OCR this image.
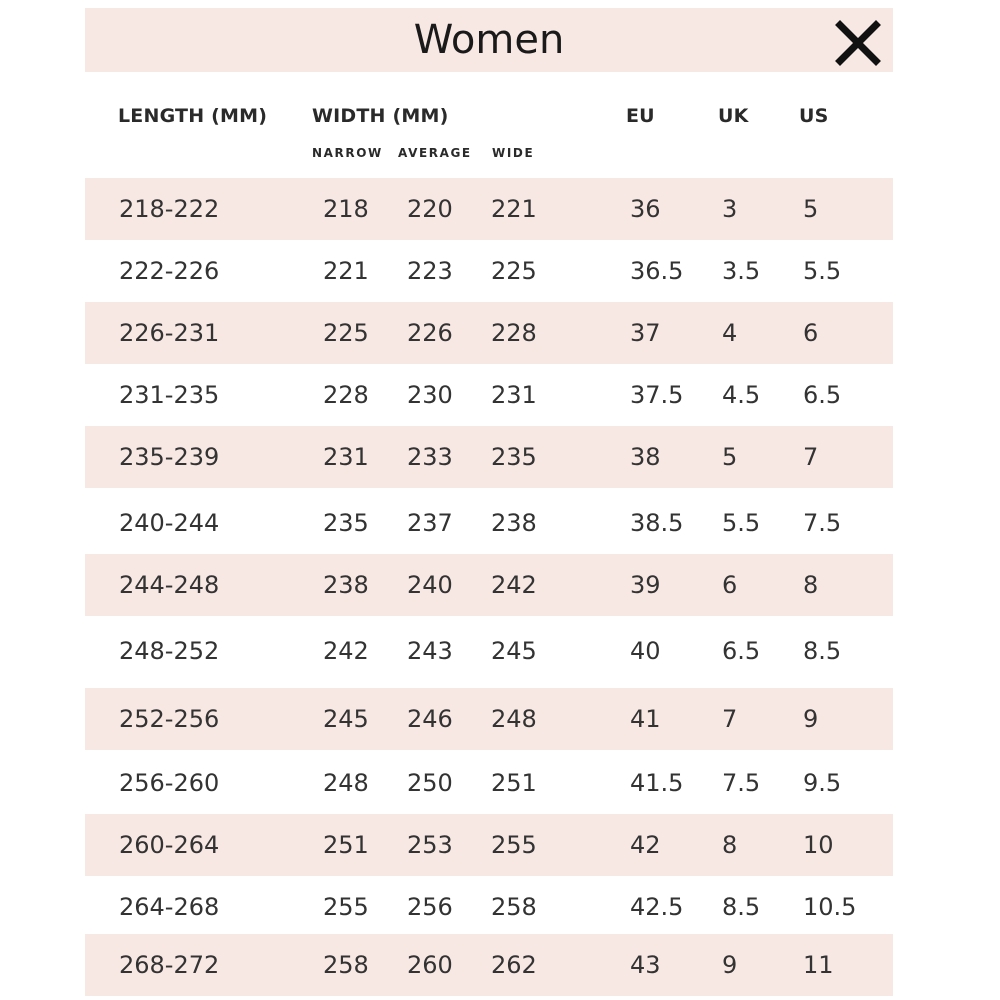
Women
LENGTH (MM) WIDTH (MM)	EU	UK	US
NARROW AVERAGE WIDE
218-222	218 220 221	36	3	5
222-226	221 223 225	36.5 3.5 5.5
226-231	225 226 228	37	4	6
231-235	228 230 231	37.5 4.5 6.5
235-239	231 233 235	38	5	7
240-244	235 237 238	38.5 5.5 7.5
244-248	238 240 242	39	6	8
248-252	242 243 245	40	6.5 8.5
252-256	245 246 248	41	7	9
256-260	248 250 251	41.5 7.5 9.5
260-264	251 253 255	42	8	10
264-268	255 256 258	42.5 8.5 10.5
268-272	258 260 262	43	9	11
